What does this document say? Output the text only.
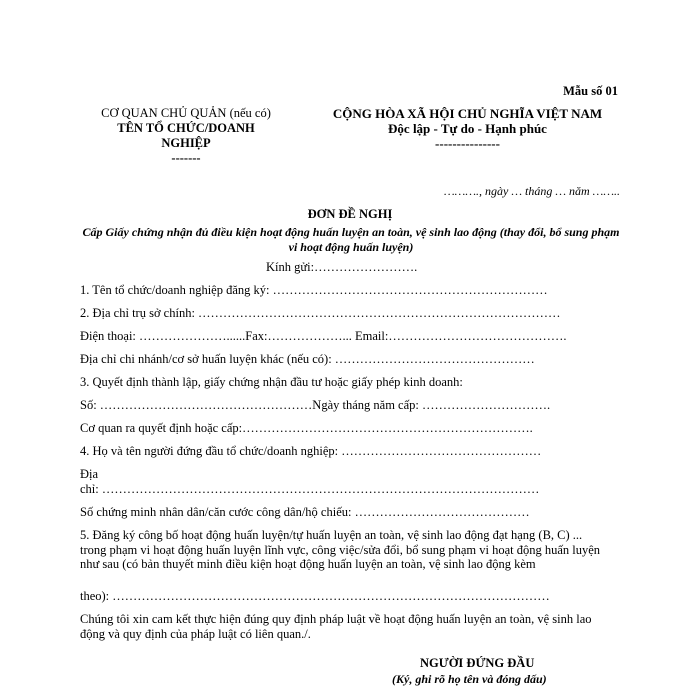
Mẫu số 01
CƠ QUAN CHỦ QUẢN (nếu có)
TÊN TỔ CHỨC/DOANH
NGHIỆP
-------
CỘNG HÒA XÃ HỘI CHỦ NGHĨA VIỆT NAM
Độc lập - Tự do - Hạnh phúc
---------------
………., ngày … tháng … năm ……..
ĐƠN ĐỀ NGHỊ
Cấp Giấy chứng nhận đủ điều kiện hoạt động huấn luyện an toàn, vệ sinh lao động (thay đổi, bổ sung phạm vi hoạt động huấn luyện)
Kính gửi:…………………….
1. Tên tổ chức/doanh nghiệp đăng ký: …………………………………………………………
2. Địa chỉ trụ sở chính: ……………………………………………………………………………
Điện thoại: …………………......Fax:………………... Email:…………………………………….
Địa chỉ chi nhánh/cơ sở huấn luyện khác (nếu có): …………………………………………
3. Quyết định thành lập, giấy chứng nhận đầu tư hoặc giấy phép kinh doanh:
Số: ……………………………………………Ngày tháng năm cấp: ………………………….
Cơ quan ra quyết định hoặc cấp:…………………………………………………………….
4. Họ và tên người đứng đầu tổ chức/doanh nghiệp: …………………………………………
Địa
chỉ: ……………………………………………………………………………………………
Số chứng minh nhân dân/căn cước công dân/hộ chiếu: ……………………………………
5. Đăng ký công bố hoạt động huấn luyện/tự huấn luyện an toàn, vệ sinh lao động đạt hạng (B, C) ... trong phạm vi hoạt động huấn luyện lĩnh vực, công việc/sửa đổi, bổ sung phạm vi hoạt động huấn luyện như sau (có bản thuyết minh điều kiện hoạt động huấn luyện an toàn, vệ sinh lao động kèm
theo): ……………………………………………………………………………………………
Chúng tôi xin cam kết thực hiện đúng quy định pháp luật về hoạt động huấn luyện an toàn, vệ sinh lao động và quy định của pháp luật có liên quan./.
NGƯỜI ĐỨNG ĐẦU
(Ký, ghi rõ họ tên và đóng dấu)
